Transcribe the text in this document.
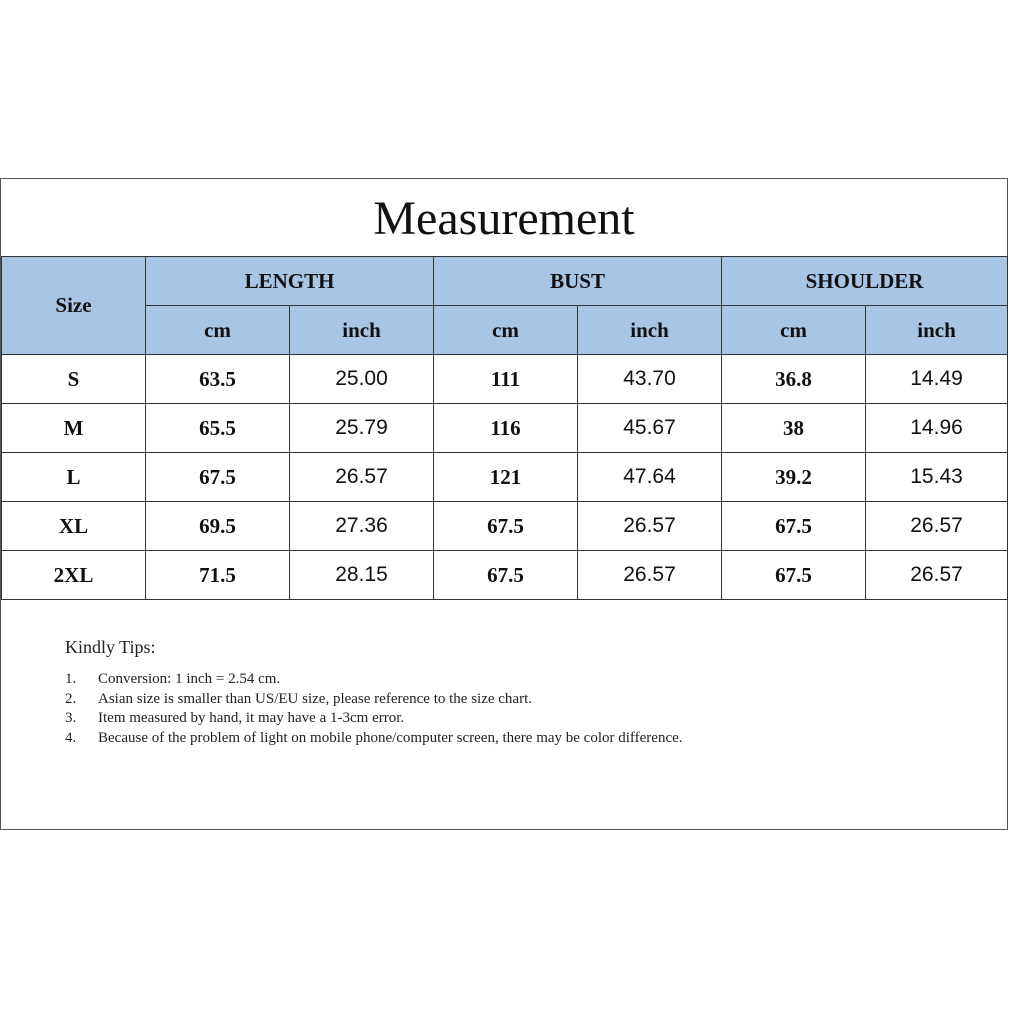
Measurement
Size	LENGTH		BUST		SHOULDER	
	cm	inch	cm	inch	cm	inch
S	63.5	25.00	111	43.70	36.8	14.49
M	65.5	25.79	116	45.67	38	14.96
L	67.5	26.57	121	47.64	39.2	15.43
XL	69.5	27.36	67.5	26.57	67.5	26.57
2XL	71.5	28.15	67.5	26.57	67.5	26.57
Kindly Tips:
1. Conversion: 1 inch = 2.54 cm.
2. Asian size is smaller than US/EU size, please reference to the size chart.
3. Item measured by hand, it may have a 1-3cm error.
4. Because of the problem of light on mobile phone/computer screen, there may be color difference.
